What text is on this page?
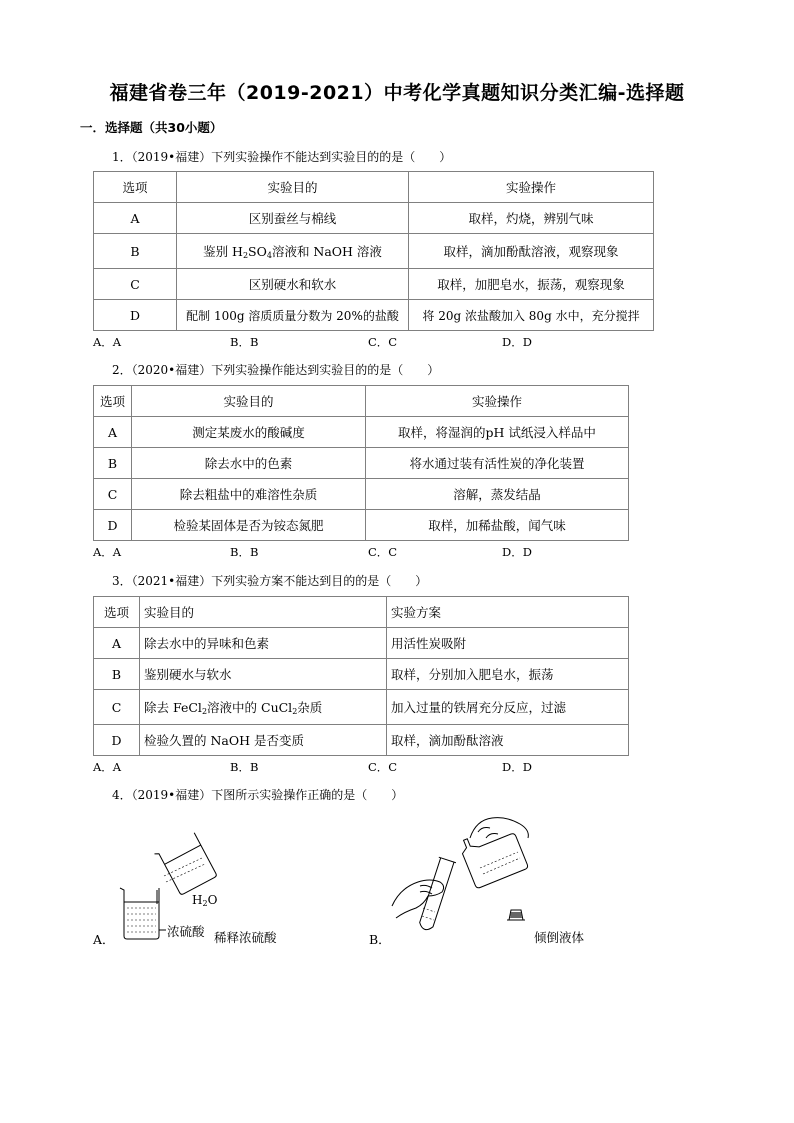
福建省卷三年（2019-2021）中考化学真题知识分类汇编-选择题
一．选择题（共30小题）
1．（2019•福建）下列实验操作不能达到实验目的的是（　　）
选项	实验目的	实验操作
A	区别蚕丝与棉线	取样，灼烧，辨别气味
B	鉴别 $H_2SO_4$溶液和 NaOH 溶液	取样，滴加酚酞溶液，观察现象
C	区别硬水和软水	取样，加肥皂水，振荡，观察现象
D	配制 100g 溶质质量分数为 20%的盐酸	将 20g 浓盐酸加入 80g 水中，充分搅拌
A．A	B．B	C．C	D．D
2．（2020•福建）下列实验操作能达到实验目的的是（　　）
选项	实验目的	实验操作
A	测定某废水的酸碱度	取样，将湿润的pH 试纸浸入样品中
B	除去水中的色素	将水通过装有活性炭的净化装置
C	除去粗盐中的难溶性杂质	溶解，蒸发结晶
D	检验某固体是否为铵态氮肥	取样，加稀盐酸，闻气味
A．A	B．B	C．C	D．D
3．（2021•福建）下列实验方案不能达到目的的是（　　）
选项	实验目的	实验方案
A	除去水中的异味和色素	用活性炭吸附
B	鉴别硬水与软水	取样，分别加入肥皂水，振荡
C	除去 FeCl$_2$溶液中的 CuCl$_2$杂质	加入过量的铁屑充分反应，过滤
D	检验久置的 NaOH 是否变质	取样，滴加酚酞溶液
A．A	B．B	C．C	D．D
4．（2019•福建）下图所示实验操作正确的是（　　）
A．
$H_2O$
浓硫酸 稀释浓硫酸	B．	倾倒液体
